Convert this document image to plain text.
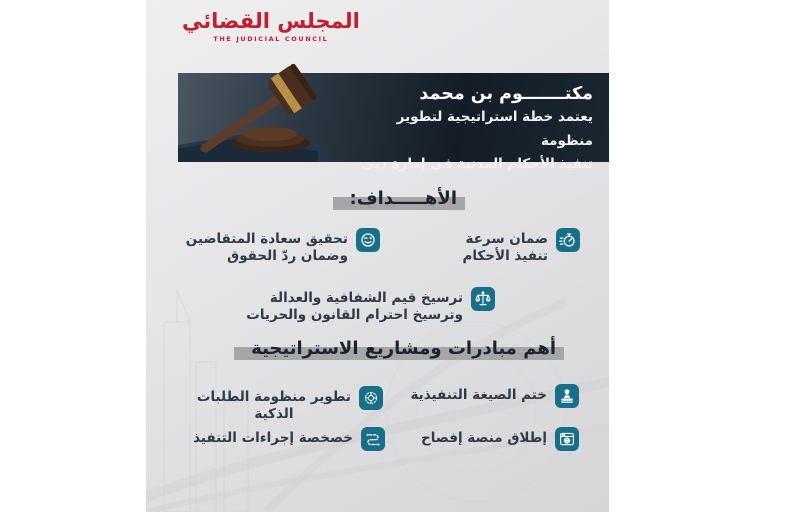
المجلس القضائي
THE JUDICIAL COUNCIL
مكتـــــــوم بن محمد
يعتمد خطة استراتيجية لتطوير منظومة
تنفيذ الأحكام المدنية في إمارة دبي
الأهـــــداف:
ضمان سرعة
تنفيذ الأحكام
تحقيق سعادة المتقاضين
وضمان ردّ الحقوق
ترسيخ قيم الشفافية والعدالة
وترسيخ احترام القانون والحريات
أهم مبادرات ومشاريع الاستراتيجية
ختم الصيغة التنفيذية
تطوير منظومة الطلبات
الذكية
إطلاق منصة إفصاح
خصخصة إجراءات التنفيذ
